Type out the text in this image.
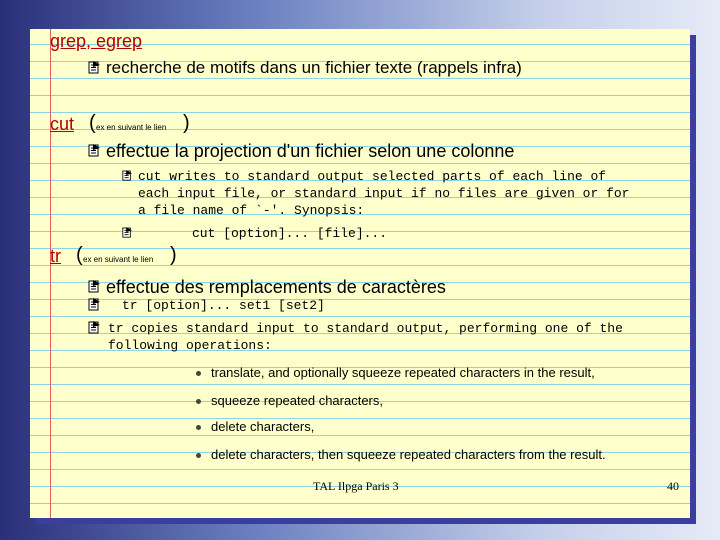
grep, egrep
recherche de motifs dans un fichier texte (rappels infra)
cut ( ex en suivant le lien )
effectue la projection d'un fichier selon une colonne
cut writes to standard output selected parts of each line of
each input file, or standard input if no files are given or for
a file name of `-'. Synopsis:
cut [option]... [file]...
tr ( ex en suivant le lien )
effectue des remplacements de caractères
tr [option]... set1 [set2]
tr copies standard input to standard output, performing one of the
following operations:
translate, and optionally squeeze repeated characters in the result,
squeeze repeated characters,
delete characters,
delete characters, then squeeze repeated characters from the result.
TAL Ilpga Paris 3	40
